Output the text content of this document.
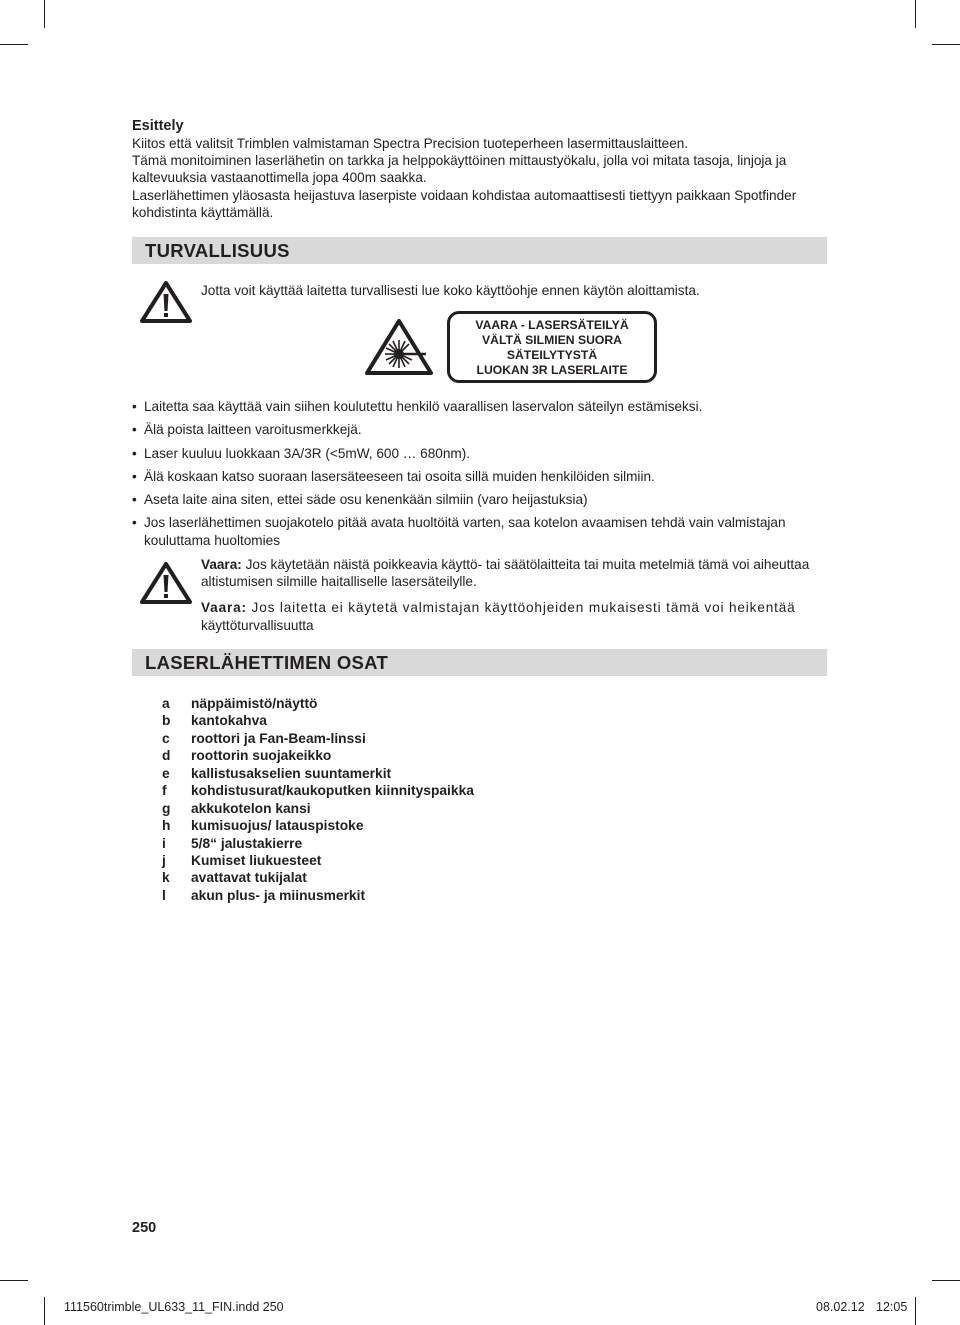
Esittely
Kiitos että valitsit Trimblen valmistaman Spectra Precision tuoteperheen lasermittauslaitteen.
Tämä monitoiminen laserlähetin on tarkka ja helppokäyttöinen mittaustyökalu, jolla voi mitata tasoja, linjoja ja
kaltevuuksia vastaanottimella jopa 400m saakka.
Laserlähettimen yläosasta heijastuva laserpiste voidaan kohdistaa automaattisesti tiettyyn paikkaan Spotfinder
kohdistinta käyttämällä.
TURVALLISUUS
Jotta voit käyttää laitetta turvallisesti lue koko käyttöohje ennen käytön aloittamista.
VAARA - LASERSÄTEILYÄ
VÄLTÄ SILMIEN SUORA
SÄTEILYTYSTÄ
LUOKAN 3R LASERLAITE
• Laitetta saa käyttää vain siihen koulutettu henkilö vaarallisen laservalon säteilyn estämiseksi.
• Älä poista laitteen varoitusmerkkejä.
• Laser kuuluu luokkaan 3A/3R (<5mW, 600 … 680nm).
• Älä koskaan katso suoraan lasersäteeseen tai osoita sillä muiden henkilöiden silmiin.
• Aseta laite aina siten, ettei säde osu kenenkään silmiin (varo heijastuksia)
• Jos laserlähettimen suojakotelo pitää avata huoltöitä varten, saa kotelon avaamisen tehdä vain valmistajan
kouluttama huoltomies
Vaara: Jos käytetään näistä poikkeavia käyttö- tai säätölaitteita tai muita metelmiä tämä voi aiheuttaa
altistumisen silmille haitalliselle lasersäteilylle.
Vaara: Jos laitetta ei käytetä valmistajan käyttöohjeiden mukaisesti tämä voi heikentää
käyttöturvallisuutta
LASERLÄHETTIMEN OSAT
a	näppäimistö/näyttö
b	kantokahva
c	roottori ja Fan-Beam-linssi
d	roottorin suojakeikko
e	kallistusakselien suuntamerkit
f	kohdistusurat/kaukoputken kiinnityspaikka
g	akkukotelon kansi
h	kumisuojus/ latauspistoke
i	5/8“ jalustakierre
j	Kumiset liukuesteet
k	avattavat tukijalat
l	akun plus- ja miinusmerkit
250
111560trimble_UL633_11_FIN.indd 250	08.02.12 12:05
